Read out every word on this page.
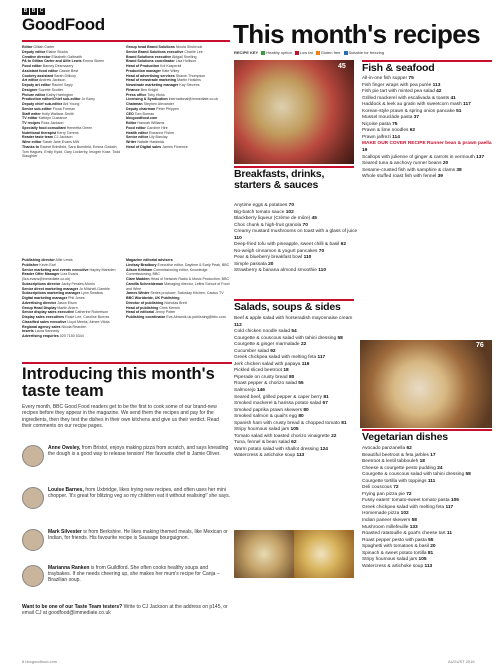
B B C
GoodFood
Editor Gillian Carter
Deputy editor Elaine Stocks
Creative director Elizabeth Galbraith
PA to Gillian Carter and Alfie Lewis Emma Skeen
Food editor Barney Desmazery
Assistant food editor Cassie Best
Cookery assistant Sarah Dillicoy
Art editor Andrew Jackson
Deputy art editor Rachel Sayly
Designer Suzette Scotter
Picture editor Kathy Harrington
Production editor/Chief sub-editor Jo Barry
Deputy chief sub-editor Ant Young
Senior sub-editor Fiona Forman
Staff writer Holly Wallace-Smith
TV editor Kathryn Custance
TV recipes Ross Jackson
Specialty food consultant Henrietta Green
Nutritional therapist Kerry Torrens
Reader taste team CJ Jackson
Wine editor Sarah Jane Evans MW
Thanks to Rachel Brimfield, Sara Buenfeld, Emma Godwin, Tom Hagues, Emily Kydd, Gary Lockerby, Imogen Kose, Todd Slaughter
Group head Brand Solutions Nicola Shubrook
Senior Brand Solutions executive Charlie Lee
Brand Solutions executive Abigail Snelling
Brand Solutions coordinator Lisa Hollison
Head of Production Kol Kasperidi
Production manager Kate Wiley
Head of advertising services Sharon Thompson
Head of newstrade marketing Martin Hoskins
Newstrade marketing manager Kay Stevens
Finance Ben Knight
Press office Toby Hicks
Licensing & Syndication international@immediate.co.uk
Chairman Stephen Alexander
Deputy chairman Peter Phippen
CEO Tom Bureau
bbcgoodfood.com
Editor Hannah Williams
Food editor Caroline Hire
Health editor Roxanne Fisher
Senior editor Lily Barclay
Writer Natalie Hardwick
Head of Digital sales James Florence
Publishing director Alfie Lewis
Publisher Kevin Earl
Senior marketing and events executive Hayley Marsden
Reader Offer Manager Liza Evans (liza.evans@immediate.co.uk)
Subscriptions director Jacky Perales-Morris
Senior direct marketing manager Jo Mitchell-Gamble
Subscriptions marketing manager Lynn Swallow
Digital marketing manager Phil Jones
Advertising director Jason Elson
Group Head Display Martin Ahern
Senior display sales executive Catherine Robertson
Display sales executives Rosie Lee, Caroline Burrow
Classified sales executive Lloyd Meeks, Aimee Vitola
Regional agency sales Nicola Rearden
Inserts Laura Kennedy
Advertising enquiries 020 7150 5344
Magazine editorial advisers
Lindsay Bradbury Executive editor, Daytime & Early Peak, BBC
Alison Kirkham Commissioning editor, Knowledge Commissioning, BBC
Clare Madden Head of Network Radio & Music Production, BBC
Camilla Schneideman Managing director, Leiths School of Food and Wine
James Winter Series producer, Saturday Kitchen, Cactus TV
BBC Worldwide, UK Publishing
Director of publishing Nicholas Brett
Head of publishing Chris Kerwin
Head of editorial Jenny Potter
Publishing coordinator Eva Abramik uk.publishing@bbc.com
Introducing this month's taste team
Every month, BBC Good Food readers get to be the first to cook some of our brand-new recipes before they appear in the magazine. We send them the recipes and pay for the ingredients, then they test the dishes in their own kitchens and give us their verdict. Read their comments on our recipe pages.
Anne Owsley, from Bristol, enjoys making pizza from scratch, and says kneading the dough is a good way to release tension! Her favourite chef is Jamie Oliver.
Louise Barnes, from Uxbridge, likes trying new recipes, and often uses her mini chopper. 'It's great for blitzing veg so my children eat it without realising!' she says.
Mark Silvester is from Berkshire. He likes making themed meals, like Mexican or Indian, for friends. His favourite recipe is Sausage bourguignon.
Marianna Ranken is from Guildford. She often cooks healthy soups and traybakes. If she needs cheering up, she makes her mum's recipe for Canja – Brazilian soup.
Want to be one of our Taste Team testers? Write to CJ Jackson at the address on p145, or email CJ at goodfood@immediate.co.uk
8 bbcgoodfood.com	AUGUST 2016
This month's recipes
RECIPE KEY	Healthy option	Low fat	Gluten free	Suitable for freezing
45
Breakfasts, drinks, starters & sauces
Anytime eggs & potatoes 70
Big-batch tomato sauce 102
Blackberry liqueur (Crème de mûre) 45
Choc chunk & high-fruit granola 70
Creamy mustard mushrooms on toast with a glass of juice 110
Deep-fried tofu with pineapple, sweet chilli & basil 92
No-weigh cinnamon & yogurt pancakes 70
Pear & blueberry breakfast bowl 110
Simple passata 20
Strawberry & banana almond smoothie 110
Salads, soups & sides
Beef & apple salad with horseradish mayonnaise cream 112
Cold chicken noodle salad 54
Courgette & couscous salad with tahini dressing 58
Courgette & ginger marmalade 22
Cucumber salad 92
Greek chickpea salad with melting feta 117
Jerk chicken salad with papaya 116
Pickled sliced beetroot 18
Piperade on crusty bread 80
Roast pepper & chorizo salad 55
Salmorejo 146
Seared beef, grilled pepper & caper berry 81
Smoked mackerel & harissa potato salad 57
Smoked paprika prawn skewers 80
Smoked salmon & quail's egg 80
Spanish ham with crusty bread & chopped tomato 81
Stripy houmous salad jars 105
Tomato salad with toasted chorizo vinaigrette 22
Tuna, fennel & bean salad 62
Warm potato salad with shallot dressing 124
Watercress & artichoke soup 113
Fish & seafood
All-in-one fish supper 75
Fish finger wraps with pea purée 113
Fish pie tart with minted pea salad 42
Grilled mackerel with escalivada & toasts 41
Haddock & leek au gratin with sweetcorn mash 117
Korean-style prawn & spring onion pancake 51
Mussel moucláde pasta 37
Niçoise pasta 75
Prawn & lime noodles 62
Prawn jalfrezi 114
MAKE OUR COVER RECIPE Runner bean & prawn paella 19
Scallops with julienne of ginger & carrots in vermouth 137
Seared tuna & anchovy runner beans 20
Sesame-crusted fish with samphire & clams 38
Whole stuffed roast fish with fennel 39
76
Vegetarian dishes
Avocado panzanella 62
Beautiful beetroot & feta jarbles 17
Beetroot & lentil tabbouleh 18
Cheese & courgette pesto pudding 24
Courgette & couscous salad with tahini dressing 58
Courgette tortilla with toppings 111
Deli couscous 72
Frying pan pizza pie 72
Fussy eaters' tomato-sweet tomato pasta 105
Greek chickpea salad with melting feta 117
Homemade pizza 102
Indian paneer skewers 58
Mushroom millefeuille 133
Roasted ratatouille & goat's cheese tart 11
Roast pepper pesto with pasta 55
Spaghetti with tomatoes & basil 20
Spinach & sweet potato tortilla 81
Stripy houmous salad jars 105
Watercress & artichoke soup 113
